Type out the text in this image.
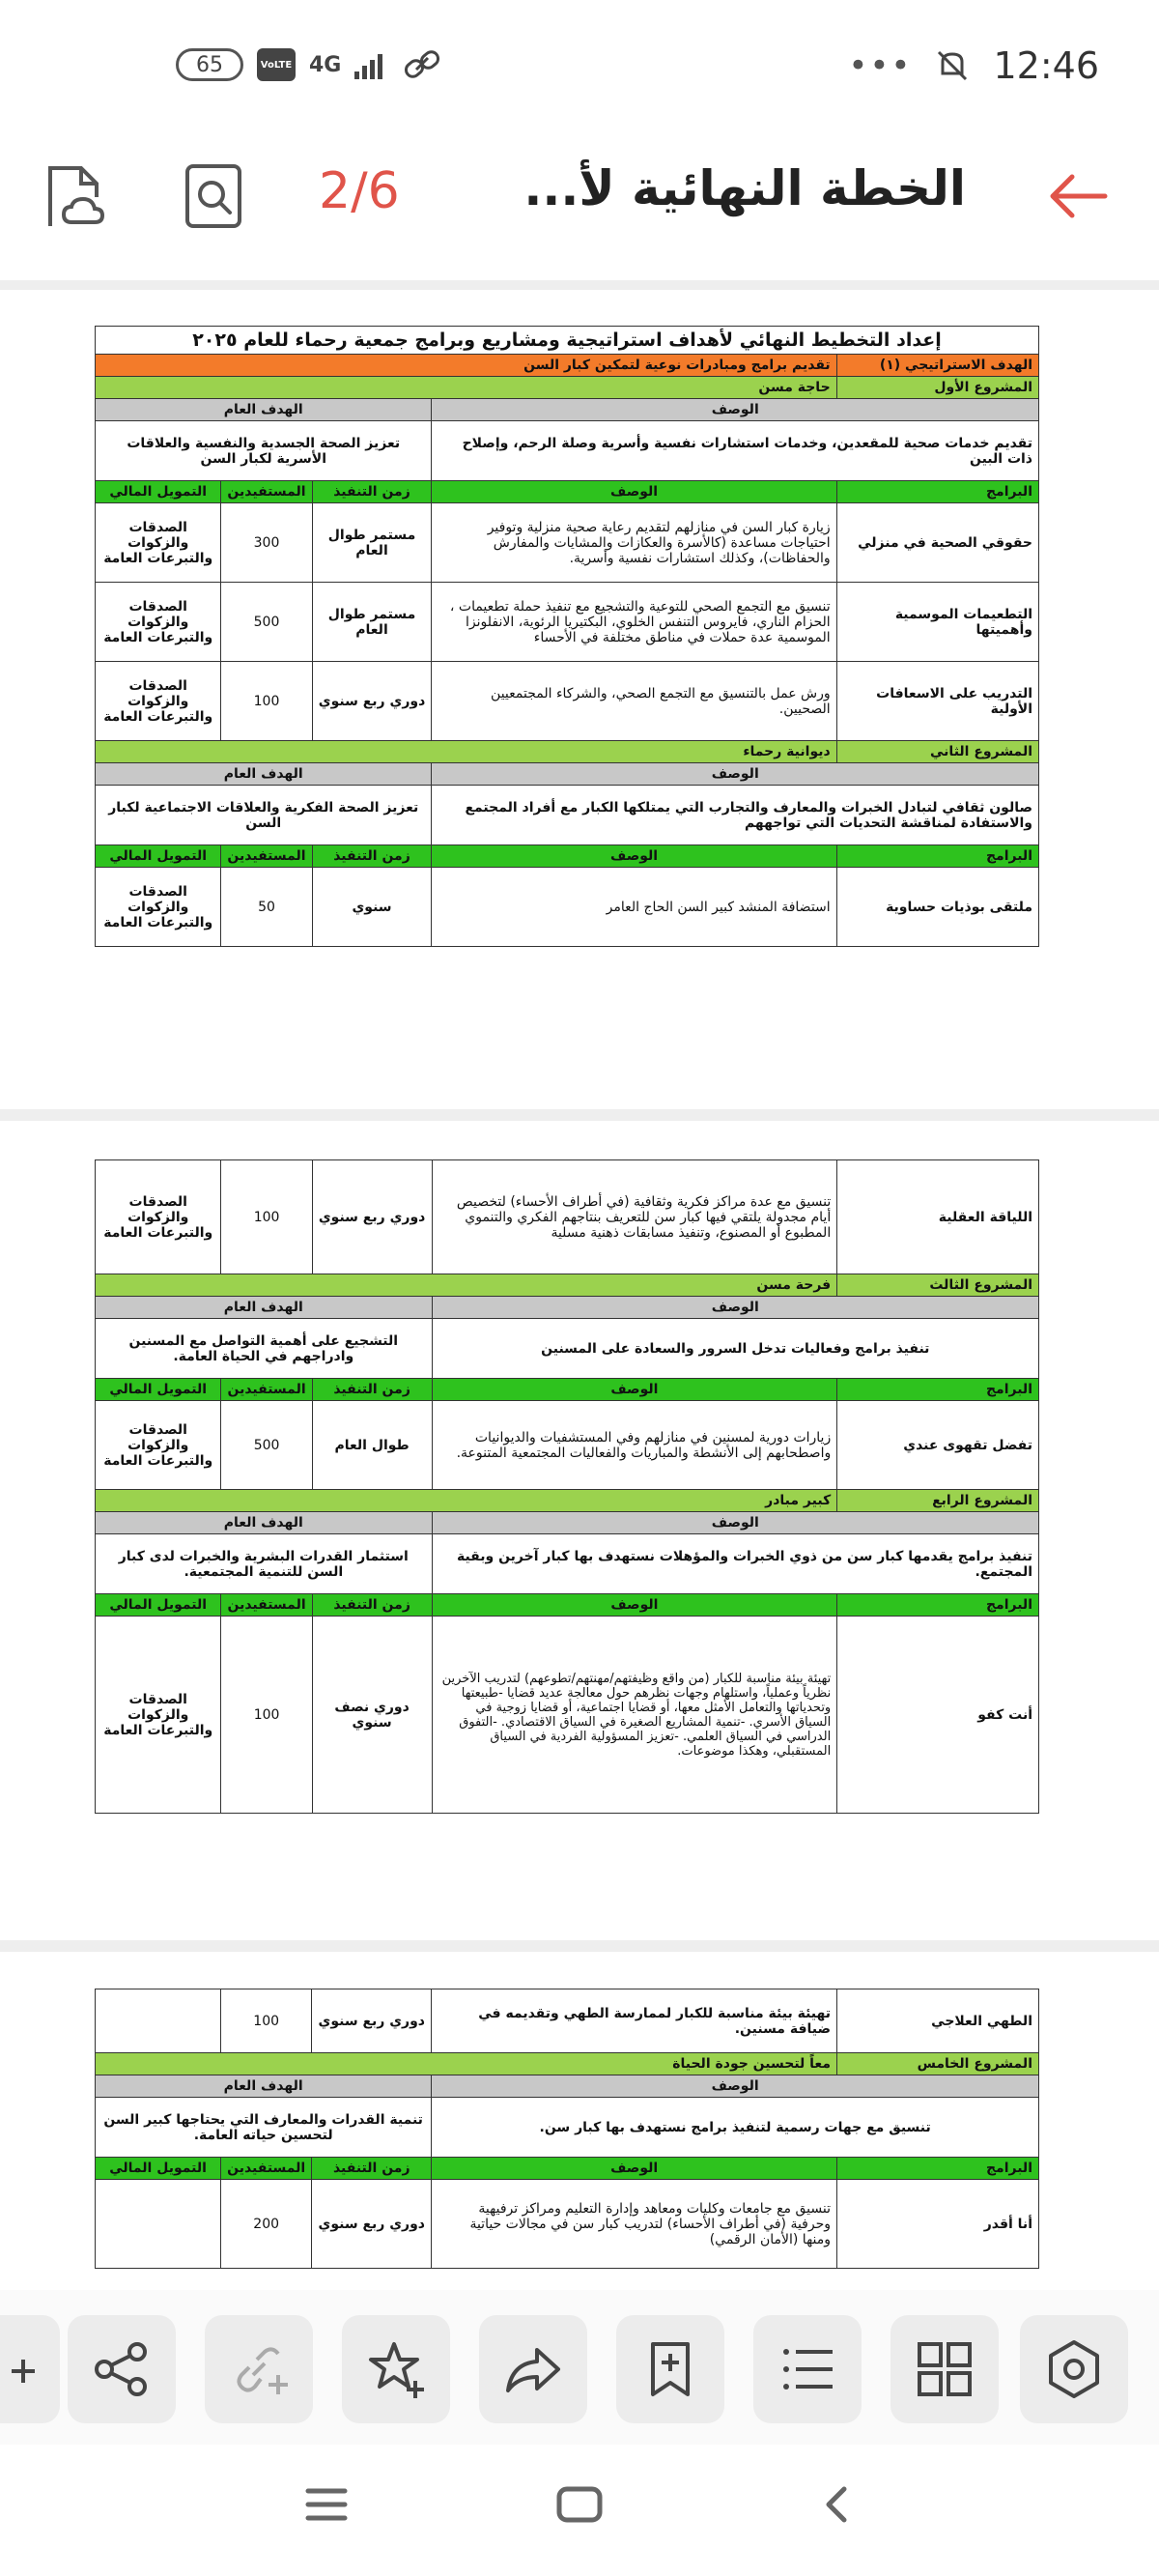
65	VoLTE 4G	••• 12:46
الخطة النهائية لأ...
2/6
إعداد التخطيط النهائي لأهداف استراتيجية ومشاريع وبرامج جمعية رحماء للعام ٢٠٢٥				
الهدف الاستراتيجي (١)	تقديم برامج ومبادرات نوعية لتمكين كبار السن			
المشروع الأول	حاجة مسن			
الوصف		الهدف العام		
تقديم خدمات صحية للمقعدين، وخدمات استشارات نفسية وأسرية وصلة الرحم، وإصلاح ذات البين		تعزيز الصحة الجسدية والنفسية والعلاقات الأسرية لكبار السن		
البرامج	الوصف	زمن التنفيذ	المستفيدين	التمويل المالي
حقوقي الصحية في منزلي	زيارة كبار السن في منازلهم لتقديم رعاية صحية منزلية وتوفير احتياجات مساعدة (كالأسرة والعكازات والمشايات والمفارش والحفاظات)، وكذلك استشارات نفسية وأسرية.	مستمر طوال العام	300	الصدقات والزكوات والتبرعات العامة
التطعيمات الموسمية وأهميتها	تنسيق مع التجمع الصحي للتوعية والتشجيع مع تنفيذ حملة تطعيمات ، الحزام الناري، فايروس التنفس الخلوي، البكتيريا الرئوية، الانفلونزا الموسمية عدة حملات في مناطق مختلفة في الأحساء	مستمر طوال العام	500	الصدقات والزكوات والتبرعات العامة
التدريب على الاسعافات الأولية	ورش عمل بالتنسيق مع التجمع الصحي، والشركاء المجتمعيين الصحيين.	دوري ربع سنوي	100	الصدقات والزكوات والتبرعات العامة
المشروع الثاني	ديوانية رحماء			
الوصف		الهدف العام		
صالون ثقافي لتبادل الخبرات والمعارف والتجارب التي يمتلكها الكبار مع أفراد المجتمع والاستفادة لمناقشة التحديات التي تواجههم		تعزيز الصحة الفكرية والعلاقات الاجتماعية لكبار السن		
البرامج	الوصف	زمن التنفيذ	المستفيدين	التمويل المالي
ملتقى بوذيات حساوية	استضافة المنشد كبير السن الحاج العامر	سنوي	50	الصدقات والزكوات والتبرعات العامة
اللياقة العقلية	تنسيق مع عدة مراكز فكرية وثقافية (في أطراف الأحساء) لتخصيص أيام مجدولة يلتقي فيها كبار سن للتعريف بنتاجهم الفكري والتنموي المطبوع أو المصنوع، وتنفيذ مسابقات ذهنية مسلية	دوري ربع سنوي	100	الصدقات والزكوات والتبرعات العامة
المشروع الثالث	فرحة مسن			
الوصف		الهدف العام		
تنفيذ برامج وفعاليات تدخل السرور والسعادة على المسنين		التشجيع على أهمية التواصل مع المسنين وادراجهم في الحياة العامة.		
البرامج	الوصف	زمن التنفيذ	المستفيدين	التمويل المالي
تفضل تقهوى عندي	زيارات دورية لمسنين في منازلهم وفي المستشفيات والديوانيات واصطحابهم إلى الأنشطة والمباريات والفعاليات المجتمعية المتنوعة.	طوال العام	500	الصدقات والزكوات والتبرعات العامة
المشروع الرابع	كبير مبادر			
الوصف		الهدف العام		
تنفيذ برامج يقدمها كبار سن من ذوي الخبرات والمؤهلات نستهدف بها كبار آخرين وبقية المجتمع.		استثمار القدرات البشرية والخبرات لدى كبار السن للتنمية المجتمعية.		
البرامج	الوصف	زمن التنفيذ	المستفيدين	التمويل المالي
أنت كفو	تهيئة بيئة مناسبة للكبار (من واقع وظيفتهم/مهنتهم/تطوعهم) لتدريب الآخرين نظرياً وعملياً، واستلهام وجهات نظرهم حول معالجة عديد قضايا -طبيعتها وتحدياتها والتعامل الأمثل معها، أو قضايا اجتماعية، أو قضايا زوجية في السياق الأسري. -تنمية المشاريع الصغيرة في السياق الاقتصادي. -التفوق الدراسي في السياق العلمي. -تعزيز المسؤولية الفردية في السياق المستقبلي، وهكذا موضوعات.	دوري نصف سنوي	100	الصدقات والزكوات والتبرعات العامة
الطهي العلاجي	تهيئة بيئة مناسبة للكبار لممارسة الطهي وتقديمه في ضيافة مسنين.	دوري ربع سنوي	100	
المشروع الخامس	معاً لتحسين جودة الحياة			
الوصف		الهدف العام		
تنسيق مع جهات رسمية لتنفيذ برامج نستهدف بها كبار سن.		تنمية القدرات والمعارف التي يحتاجها كبير السن لتحسين حياته العامة.		
البرامج	الوصف	زمن التنفيذ	المستفيدين	التمويل المالي
أنا أقدر	تنسيق مع جامعات وكليات ومعاهد وإدارة التعليم ومراكز ترفيهية وحرفية (في أطراف الأحساء) لتدريب كبار سن في مجالات حياتية ومنها (الأمان الرقمي)	دوري ربع سنوي	200	
